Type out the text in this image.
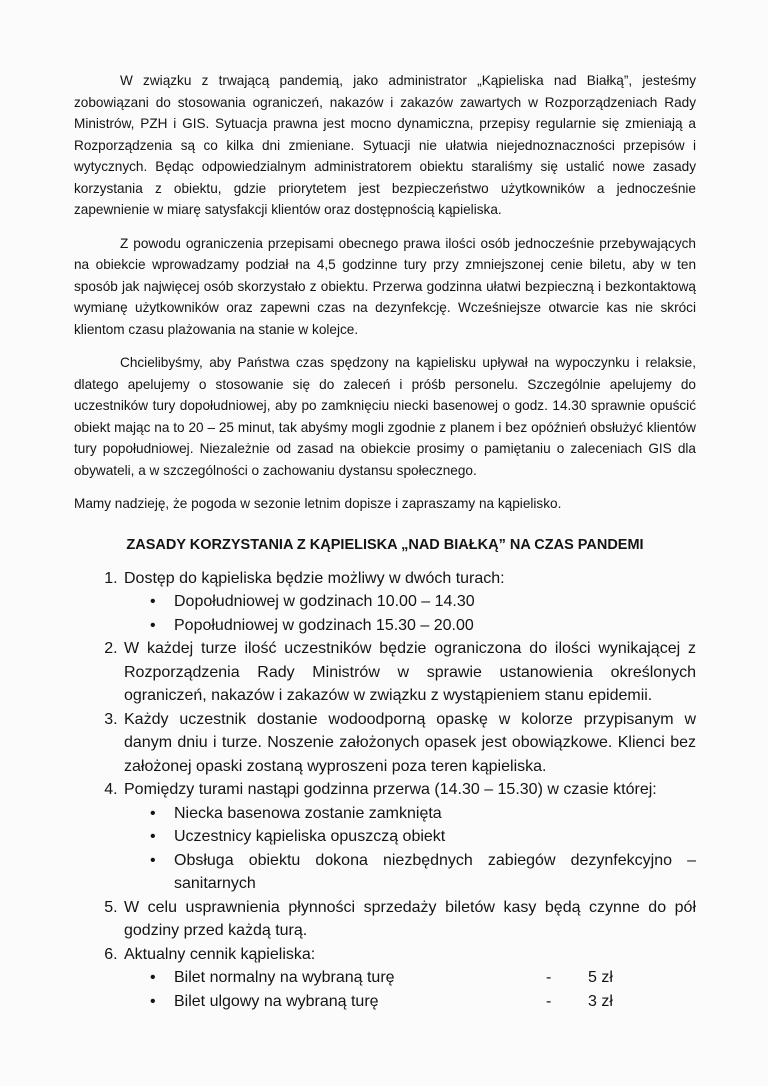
W związku z trwającą pandemią, jako administrator „Kąpieliska nad Białką”, jesteśmy zobowiązani do stosowania ograniczeń, nakazów i zakazów zawartych w Rozporządzeniach Rady Ministrów, PZH i GIS. Sytuacja prawna jest mocno dynamiczna, przepisy regularnie się zmieniają a Rozporządzenia są co kilka dni zmieniane. Sytuacji nie ułatwia niejednoznaczności przepisów i wytycznych. Będąc odpowiedzialnym administratorem obiektu staraliśmy się ustalić nowe zasady korzystania z obiektu, gdzie priorytetem jest bezpieczeństwo użytkowników a jednocześnie zapewnienie w miarę satysfakcji klientów oraz dostępnością kąpieliska.

Z powodu ograniczenia przepisami obecnego prawa ilości osób jednocześnie przebywających na obiekcie wprowadzamy podział na 4,5 godzinne tury przy zmniejszonej cenie biletu, aby w ten sposób jak najwięcej osób skorzystało z obiektu. Przerwa godzinna ułatwi bezpieczną i bezkontaktową wymianę użytkowników oraz zapewni czas na dezynfekcję. Wcześniejsze otwarcie kas nie skróci klientom czasu plażowania na stanie w kolejce.

Chcielibyśmy, aby Państwa czas spędzony na kąpielisku upływał na wypoczynku i relaksie, dlatego apelujemy o stosowanie się do zaleceń i próśb personelu. Szczególnie apelujemy do uczestników tury dopołudniowej, aby po zamknięciu niecki basenowej o godz. 14.30 sprawnie opuścić obiekt mając na to 20 – 25 minut, tak abyśmy mogli zgodnie z planem i bez opóźnień obsłużyć klientów tury popołudniowej. Niezależnie od zasad na obiekcie prosimy o pamiętaniu o zaleceniach GIS dla obywateli, a w szczególności o zachowaniu dystansu społecznego.

Mamy nadzieję, że pogoda w sezonie letnim dopisze i zapraszamy na kąpielisko.

ZASADY KORZYSTANIA Z KĄPIELISKA „NAD BIAŁKĄ” NA CZAS PANDEMI
1. Dostęp do kąpieliska będzie możliwy w dwóch turach:
• Dopołudniowej w godzinach 10.00 – 14.30
• Popołudniowej w godzinach 15.30 – 20.00
2. W każdej turze ilość uczestników będzie ograniczona do ilości wynikającej z Rozporządzenia Rady Ministrów w sprawie ustanowienia określonych ograniczeń, nakazów i zakazów w związku z wystąpieniem stanu epidemii.
3. Każdy uczestnik dostanie wodoodporną opaskę w kolorze przypisanym w danym dniu i turze. Noszenie założonych opasek jest obowiązkowe. Klienci bez założonej opaski zostaną wyproszeni poza teren kąpieliska.
4. Pomiędzy turami nastąpi godzinna przerwa (14.30 – 15.30) w czasie której:
• Niecka basenowa zostanie zamknięta
• Uczestnicy kąpieliska opuszczą obiekt
• Obsługa obiektu dokona niezbędnych zabiegów dezynfekcyjno – sanitarnych
5. W celu usprawnienia płynności sprzedaży biletów kasy będą czynne do pół godziny przed każdą turą.
6. Aktualny cennik kąpieliska:
• Bilet normalny na wybraną turę	-	5 zł
• Bilet ulgowy na wybraną turę	-	3 zł
